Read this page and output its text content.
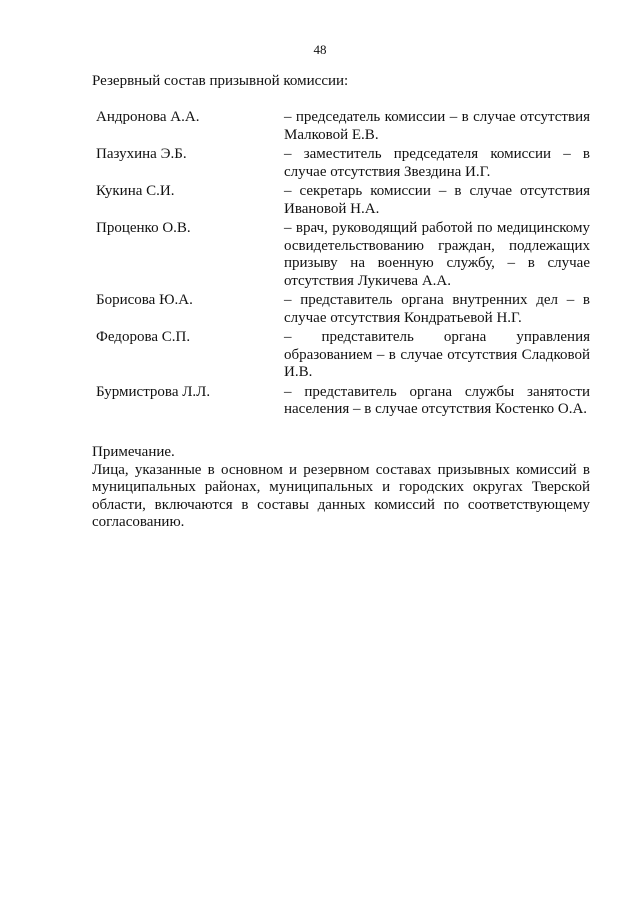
48
Резервный состав призывной комиссии:
Андронова А.А.	– председатель комиссии – в случае отсутствия Малковой Е.В.
Пазухина Э.Б.	– заместитель председателя комиссии – в случае отсутствия Звездина И.Г.
Кукина С.И.	– секретарь комиссии – в случае отсутствия Ивановой Н.А.
Проценко О.В.	– врач, руководящий работой по медицинскому освидетельствованию граждан, подлежащих призыву на военную службу, – в случае отсутствия Лукичева А.А.
Борисова Ю.А.	– представитель органа внутренних дел – в случае отсутствия Кондратьевой Н.Г.
Федорова С.П.	– представитель органа управления образованием – в случае отсутствия Сладковой И.В.
Бурмистрова Л.Л.	– представитель органа службы занятости населения – в случае отсутствия Костенко О.А.

Примечание.

Лица, указанные в основном и резервном составах призывных комиссий в муниципальных районах, муниципальных и городских округах Тверской области, включаются в составы данных комиссий по соответствующему согласованию.
